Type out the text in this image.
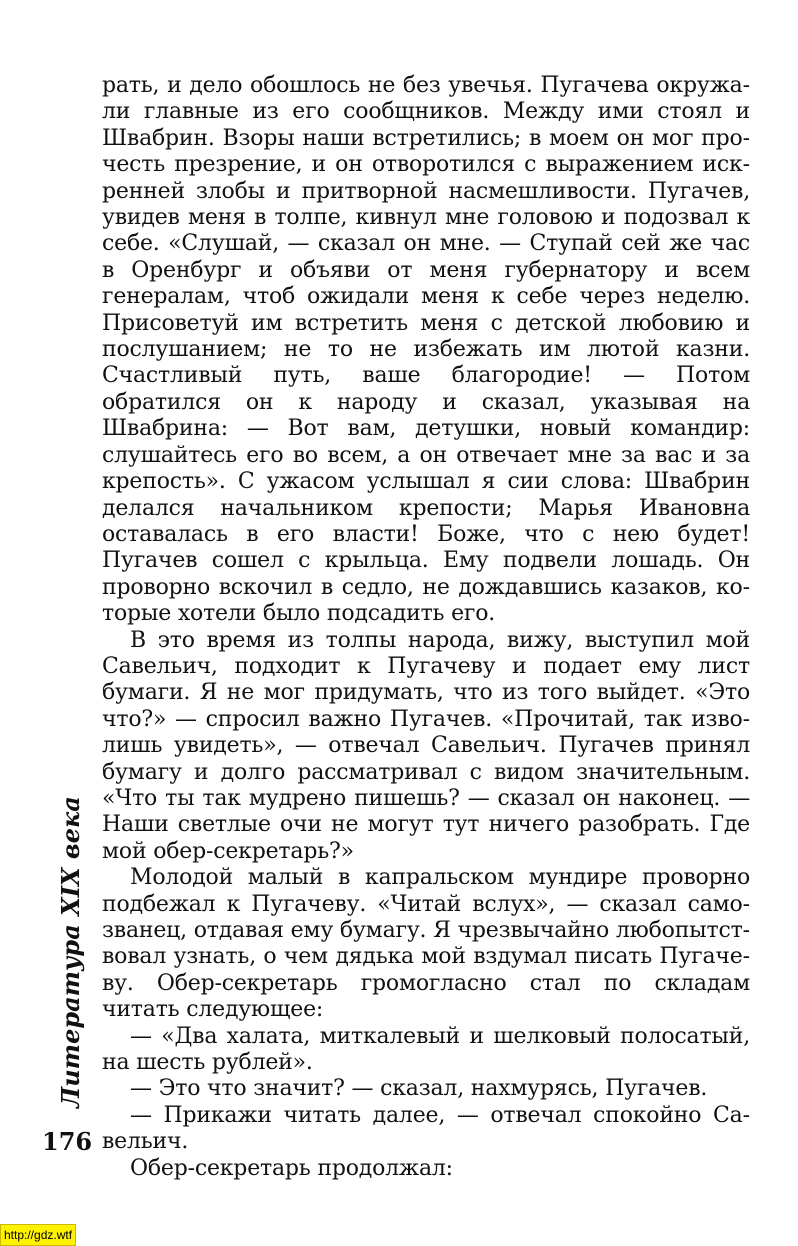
рать, и дело обошлось не без увечья. Пугачева окружали главные из его сообщников. Между ими стоял и Швабрин. Взоры наши встретились; в моем он мог прочесть презрение, и он отворотился с выражением искренней злобы и притворной насмешливости. Пугачев, увидев меня в толпе, кивнул мне головою и подозвал к себе. «Слушай, — сказал он мне. — Ступай сей же час в Оренбург и объяви от меня губернатору и всем генералам, чтоб ожидали меня к себе через неделю. Присоветуй им встретить меня с детской любовию и послушанием; не то не избежать им лютой казни. Счастливый путь, ваше благородие! — Потом обратился он к народу и сказал, указывая на Швабрина: — Вот вам, детушки, новый командир: слушайтесь его во всем, а он отвечает мне за вас и за крепость». С ужасом услышал я сии слова: Швабрин делался начальником крепости; Марья Ивановна оставалась в его власти! Боже, что с нею будет! Пугачев сошел с крыльца. Ему подвели лошадь. Он проворно вскочил в седло, не дождавшись казаков, которые хотели было подсадить его.

В это время из толпы народа, вижу, выступил мой Савельич, подходит к Пугачеву и подает ему лист бумаги. Я не мог придумать, что из того выйдет. «Это что?» — спросил важно Пугачев. «Прочитай, так изволишь увидеть», — отвечал Савельич. Пугачев принял бумагу и долго рассматривал с видом значительным. «Что ты так мудрено пишешь? — сказал он наконец. — Наши светлые очи не могут тут ничего разобрать. Где мой обер-секретарь?»

Молодой малый в капральском мундире проворно подбежал к Пугачеву. «Читай вслух», — сказал самозванец, отдавая ему бумагу. Я чрезвычайно любопытствовал узнать, о чем дядька мой вздумал писать Пугачеву. Обер-секретарь громогласно стал по складам читать следующее:

— «Два халата, миткалевый и шелковый полосатый, на шесть рублей».

— Это что значит? — сказал, нахмурясь, Пугачев.

— Прикажи читать далее, — отвечал спокойно Савельич.

Обер-секретарь продолжал:

Литература XIX века
176
http://gdz.wtf
